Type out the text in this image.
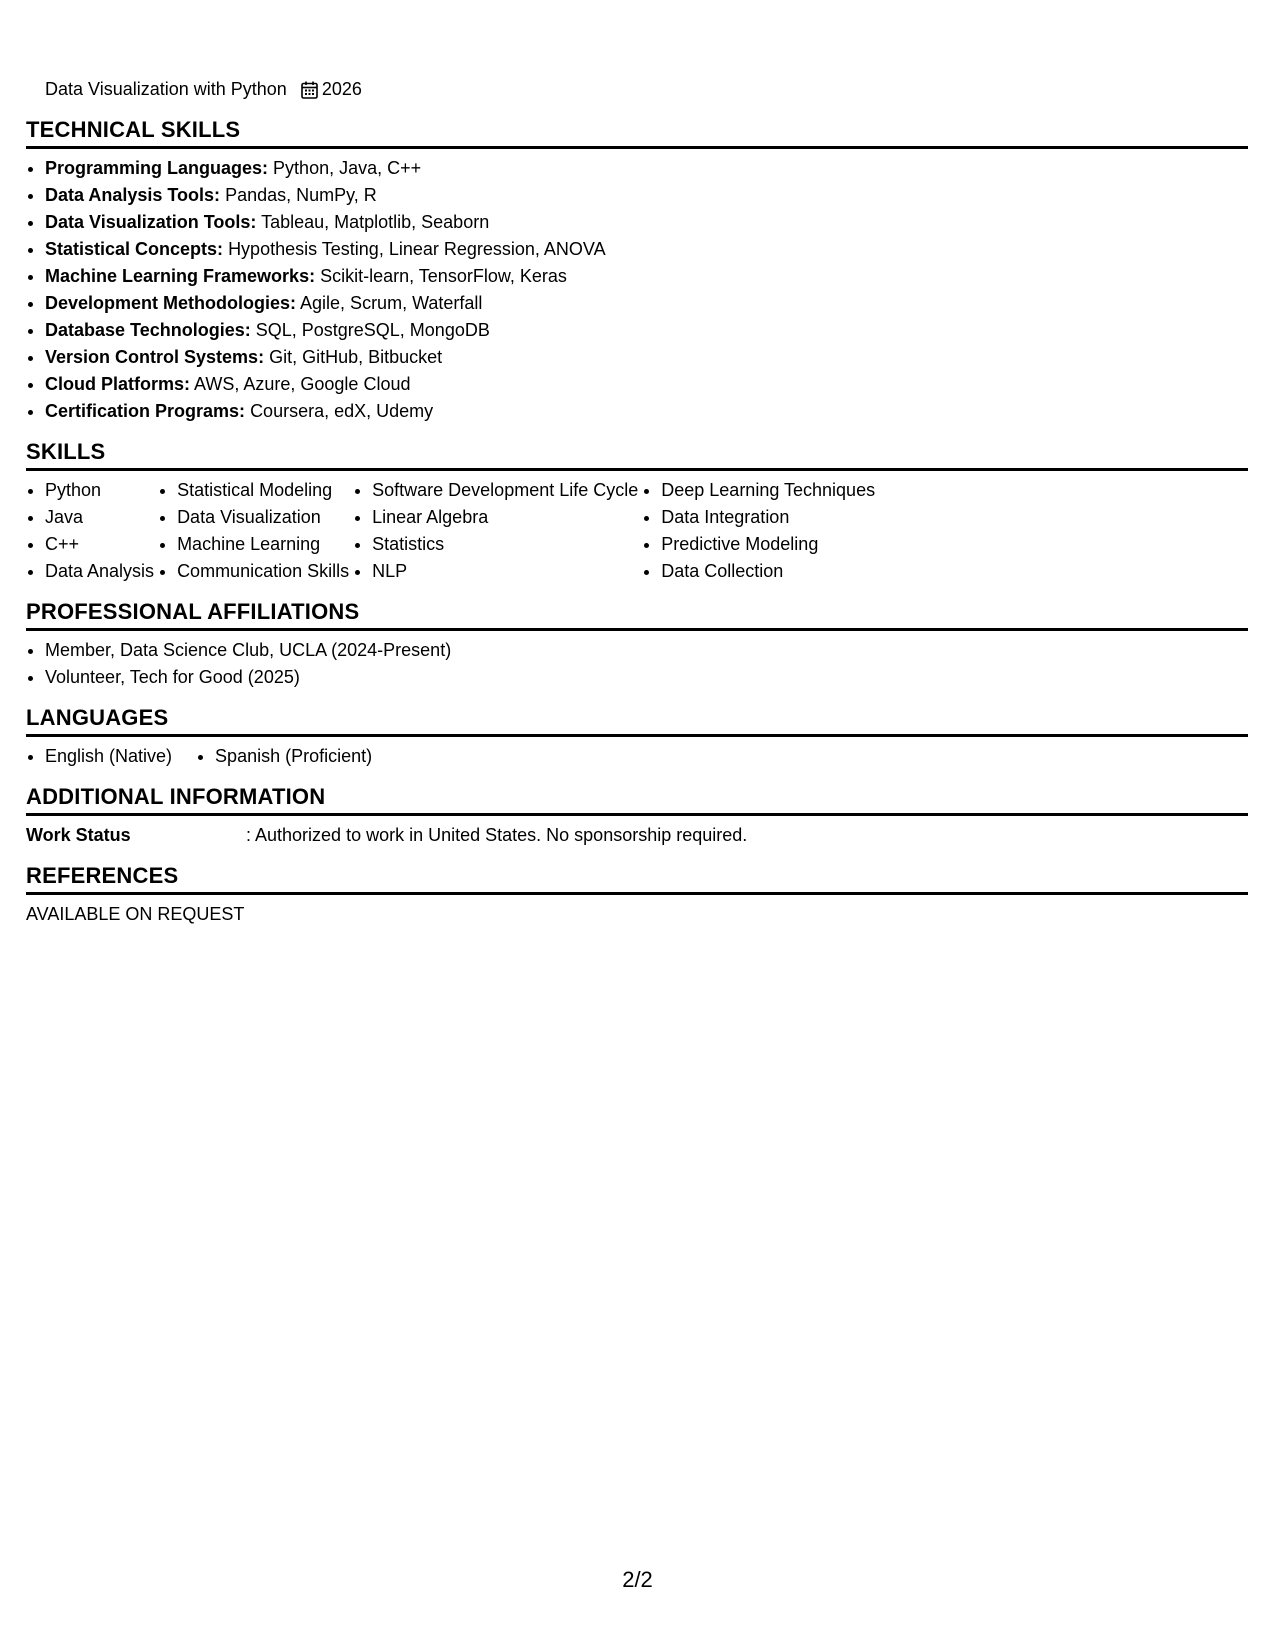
Data Visualization with Python 2026
TECHNICAL SKILLS
• Programming Languages: Python, Java, C++
• Data Analysis Tools: Pandas, NumPy, R
• Data Visualization Tools: Tableau, Matplotlib, Seaborn
• Statistical Concepts: Hypothesis Testing, Linear Regression, ANOVA
• Machine Learning Frameworks: Scikit-learn, TensorFlow, Keras
• Development Methodologies: Agile, Scrum, Waterfall
• Database Technologies: SQL, PostgreSQL, MongoDB
• Version Control Systems: Git, GitHub, Bitbucket
• Cloud Platforms: AWS, Azure, Google Cloud
• Certification Programs: Coursera, edX, Udemy
SKILLS
• Python
• Java
• C++
• Data Analysis
• Statistical Modeling
• Data Visualization
• Machine Learning
• Communication Skills
• Software Development Life Cycle
• Linear Algebra
• Statistics
• NLP
• Deep Learning Techniques
• Data Integration
• Predictive Modeling
• Data Collection
PROFESSIONAL AFFILIATIONS
• Member, Data Science Club, UCLA (2024-Present)
• Volunteer, Tech for Good (2025)
LANGUAGES
• English (Native)
• Spanish (Proficient)
ADDITIONAL INFORMATION
Work Status	: Authorized to work in United States. No sponsorship required.
REFERENCES
AVAILABLE ON REQUEST
2/2
